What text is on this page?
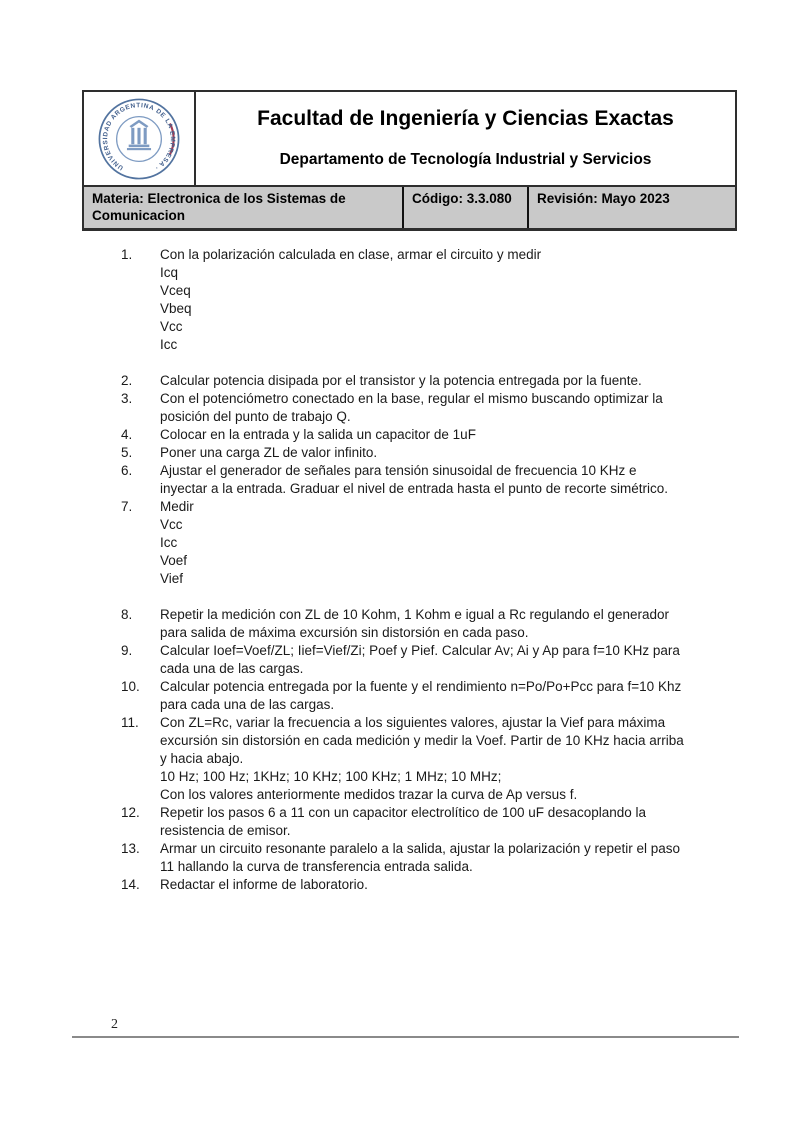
UNIVERSIDAD ARGENTINA DE LA EMPRESA ·
Facultad de Ingeniería y Ciencias Exactas
Departamento de Tecnología Industrial y Servicios
Materia: Electronica de los Sistemas de Comunicacion
Código: 3.3.080	Revisión: Mayo 2023
1.	Con la polarización calculada en clase, armar el circuito y medir
Icq
Vceq
Vbeq
Vcc
Icc
2.	Calcular potencia disipada por el transistor y la potencia entregada por la fuente.
3.	Con el potenciómetro conectado en la base, regular el mismo buscando optimizar la
posición del punto de trabajo Q.
4.	Colocar en la entrada y la salida un capacitor de 1uF
5.	Poner una carga ZL de valor infinito.
6.	Ajustar el generador de señales para tensión sinusoidal de frecuencia 10 KHz e
inyectar a la entrada. Graduar el nivel de entrada hasta el punto de recorte simétrico.
7.	Medir
Vcc
Icc
Voef
Vief
8.	Repetir la medición con ZL de 10 Kohm, 1 Kohm e igual a Rc regulando el generador
para salida de máxima excursión sin distorsión en cada paso.
9.	Calcular Ioef=Voef/ZL; Iief=Vief/Zi; Poef y Pief. Calcular Av; Ai y Ap para f=10 KHz para
cada una de las cargas.
10.	Calcular potencia entregada por la fuente y el rendimiento n=Po/Po+Pcc para f=10 Khz
para cada una de las cargas.
11.	Con ZL=Rc, variar la frecuencia a los siguientes valores, ajustar la Vief para máxima
excursión sin distorsión en cada medición y medir la Voef. Partir de 10 KHz hacia arriba
y hacia abajo.
10 Hz; 100 Hz; 1KHz; 10 KHz; 100 KHz; 1 MHz; 10 MHz;
Con los valores anteriormente medidos trazar la curva de Ap versus f.
12.	Repetir los pasos 6 a 11 con un capacitor electrolítico de 100 uF desacoplando la
resistencia de emisor.
13.	Armar un circuito resonante paralelo a la salida, ajustar la polarización y repetir el paso
11 hallando la curva de transferencia entrada salida.
14.	Redactar el informe de laboratorio.
2
